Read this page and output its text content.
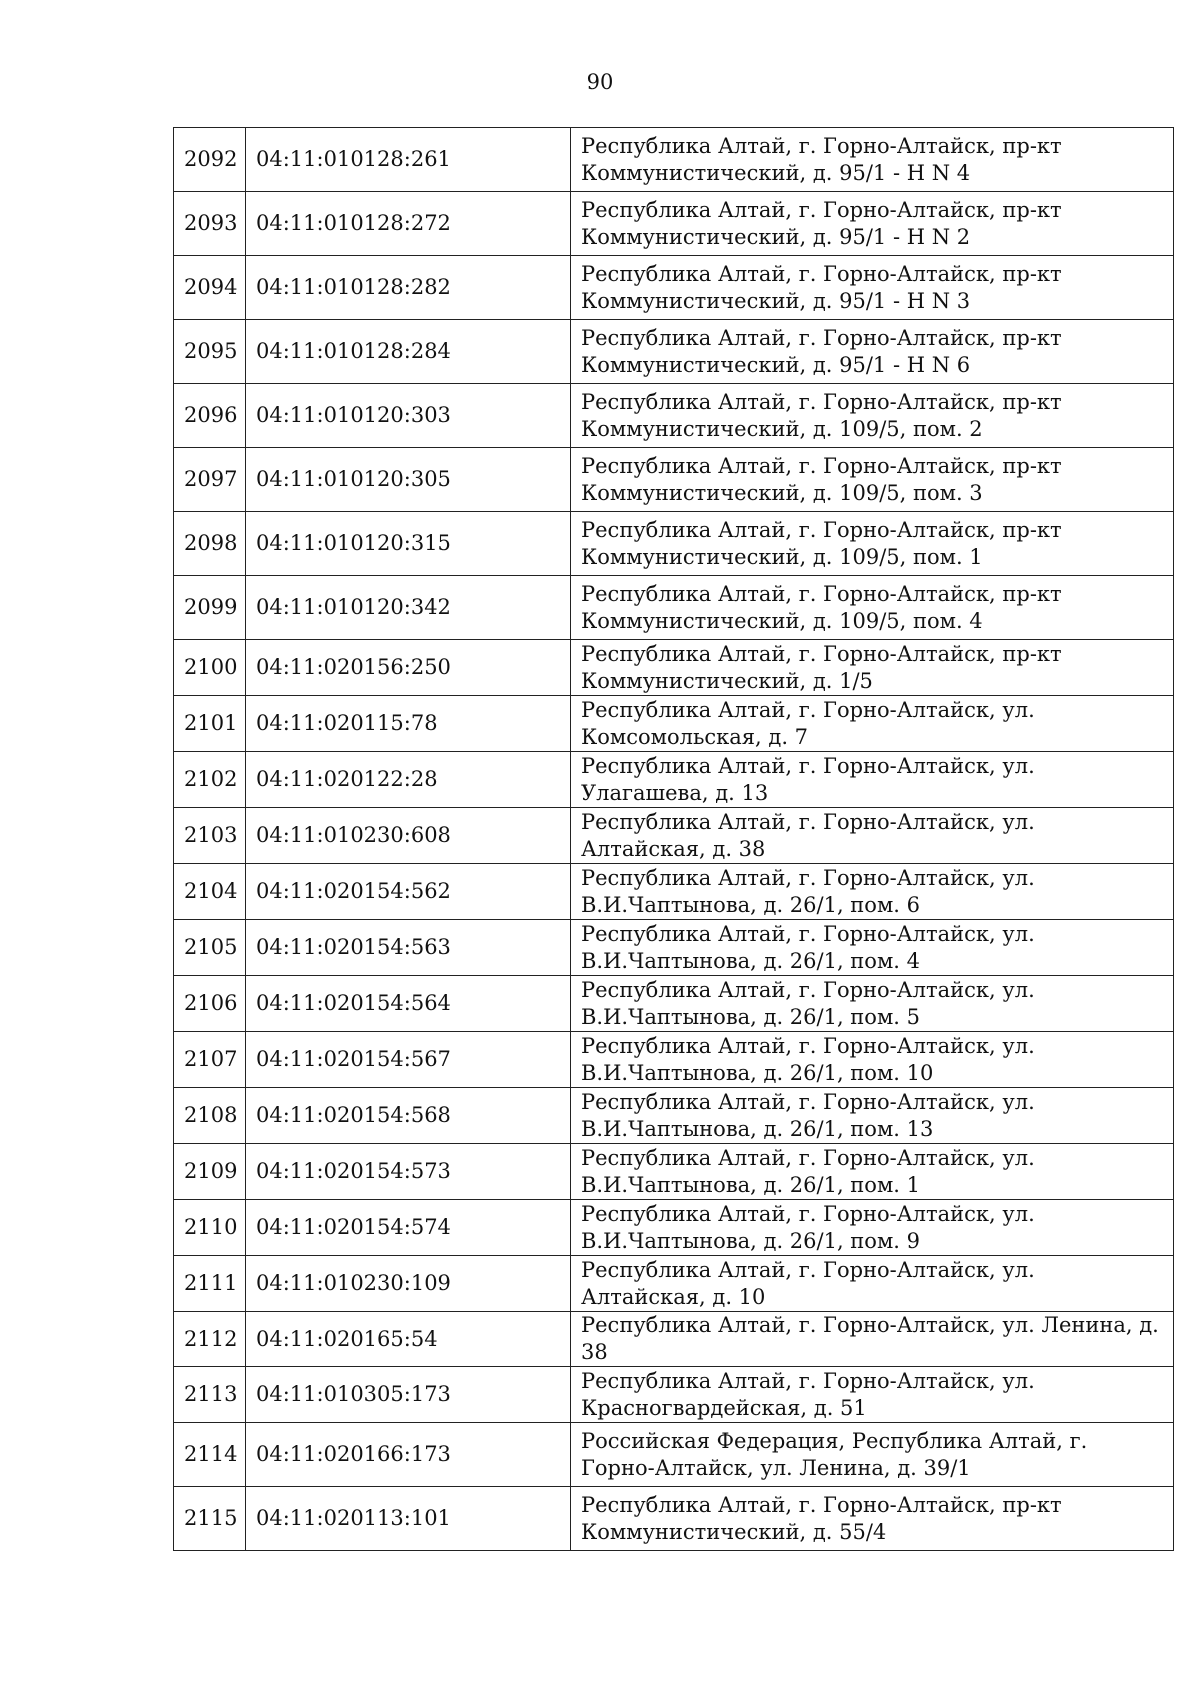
90
2092	04:11:010128:261	Республика Алтай, г. Горно-Алтайск, пр-кт Коммунистический, д. 95/1 - Н N 4
2093	04:11:010128:272	Республика Алтай, г. Горно-Алтайск, пр-кт Коммунистический, д. 95/1 - Н N 2
2094	04:11:010128:282	Республика Алтай, г. Горно-Алтайск, пр-кт Коммунистический, д. 95/1 - Н N 3
2095	04:11:010128:284	Республика Алтай, г. Горно-Алтайск, пр-кт Коммунистический, д. 95/1 - Н N 6
2096	04:11:010120:303	Республика Алтай, г. Горно-Алтайск, пр-кт Коммунистический, д. 109/5, пом. 2
2097	04:11:010120:305	Республика Алтай, г. Горно-Алтайск, пр-кт Коммунистический, д. 109/5, пом. 3
2098	04:11:010120:315	Республика Алтай, г. Горно-Алтайск, пр-кт Коммунистический, д. 109/5, пом. 1
2099	04:11:010120:342	Республика Алтай, г. Горно-Алтайск, пр-кт Коммунистический, д. 109/5, пом. 4
2100	04:11:020156:250	Республика Алтай, г. Горно-Алтайск, пр-кт Коммунистический, д. 1/5
2101	04:11:020115:78	Республика Алтай, г. Горно-Алтайск, ул. Комсомольская, д. 7
2102	04:11:020122:28	Республика Алтай, г. Горно-Алтайск, ул. Улагашева, д. 13
2103	04:11:010230:608	Республика Алтай, г. Горно-Алтайск, ул. Алтайская, д. 38
2104	04:11:020154:562	Республика Алтай, г. Горно-Алтайск, ул. В.И.Чаптынова, д. 26/1, пом. 6
2105	04:11:020154:563	Республика Алтай, г. Горно-Алтайск, ул. В.И.Чаптынова, д. 26/1, пом. 4
2106	04:11:020154:564	Республика Алтай, г. Горно-Алтайск, ул. В.И.Чаптынова, д. 26/1, пом. 5
2107	04:11:020154:567	Республика Алтай, г. Горно-Алтайск, ул. В.И.Чаптынова, д. 26/1, пом. 10
2108	04:11:020154:568	Республика Алтай, г. Горно-Алтайск, ул. В.И.Чаптынова, д. 26/1, пом. 13
2109	04:11:020154:573	Республика Алтай, г. Горно-Алтайск, ул. В.И.Чаптынова, д. 26/1, пом. 1
2110	04:11:020154:574	Республика Алтай, г. Горно-Алтайск, ул. В.И.Чаптынова, д. 26/1, пом. 9
2111	04:11:010230:109	Республика Алтай, г. Горно-Алтайск, ул. Алтайская, д. 10
2112	04:11:020165:54	Республика Алтай, г. Горно-Алтайск, ул. Ленина, д. 38
2113	04:11:010305:173	Республика Алтай, г. Горно-Алтайск, ул. Красногвардейская, д. 51
2114	04:11:020166:173	Российская Федерация, Республика Алтай, г. Горно-Алтайск, ул. Ленина, д. 39/1
2115	04:11:020113:101	Республика Алтай, г. Горно-Алтайск, пр-кт Коммунистический, д. 55/4
